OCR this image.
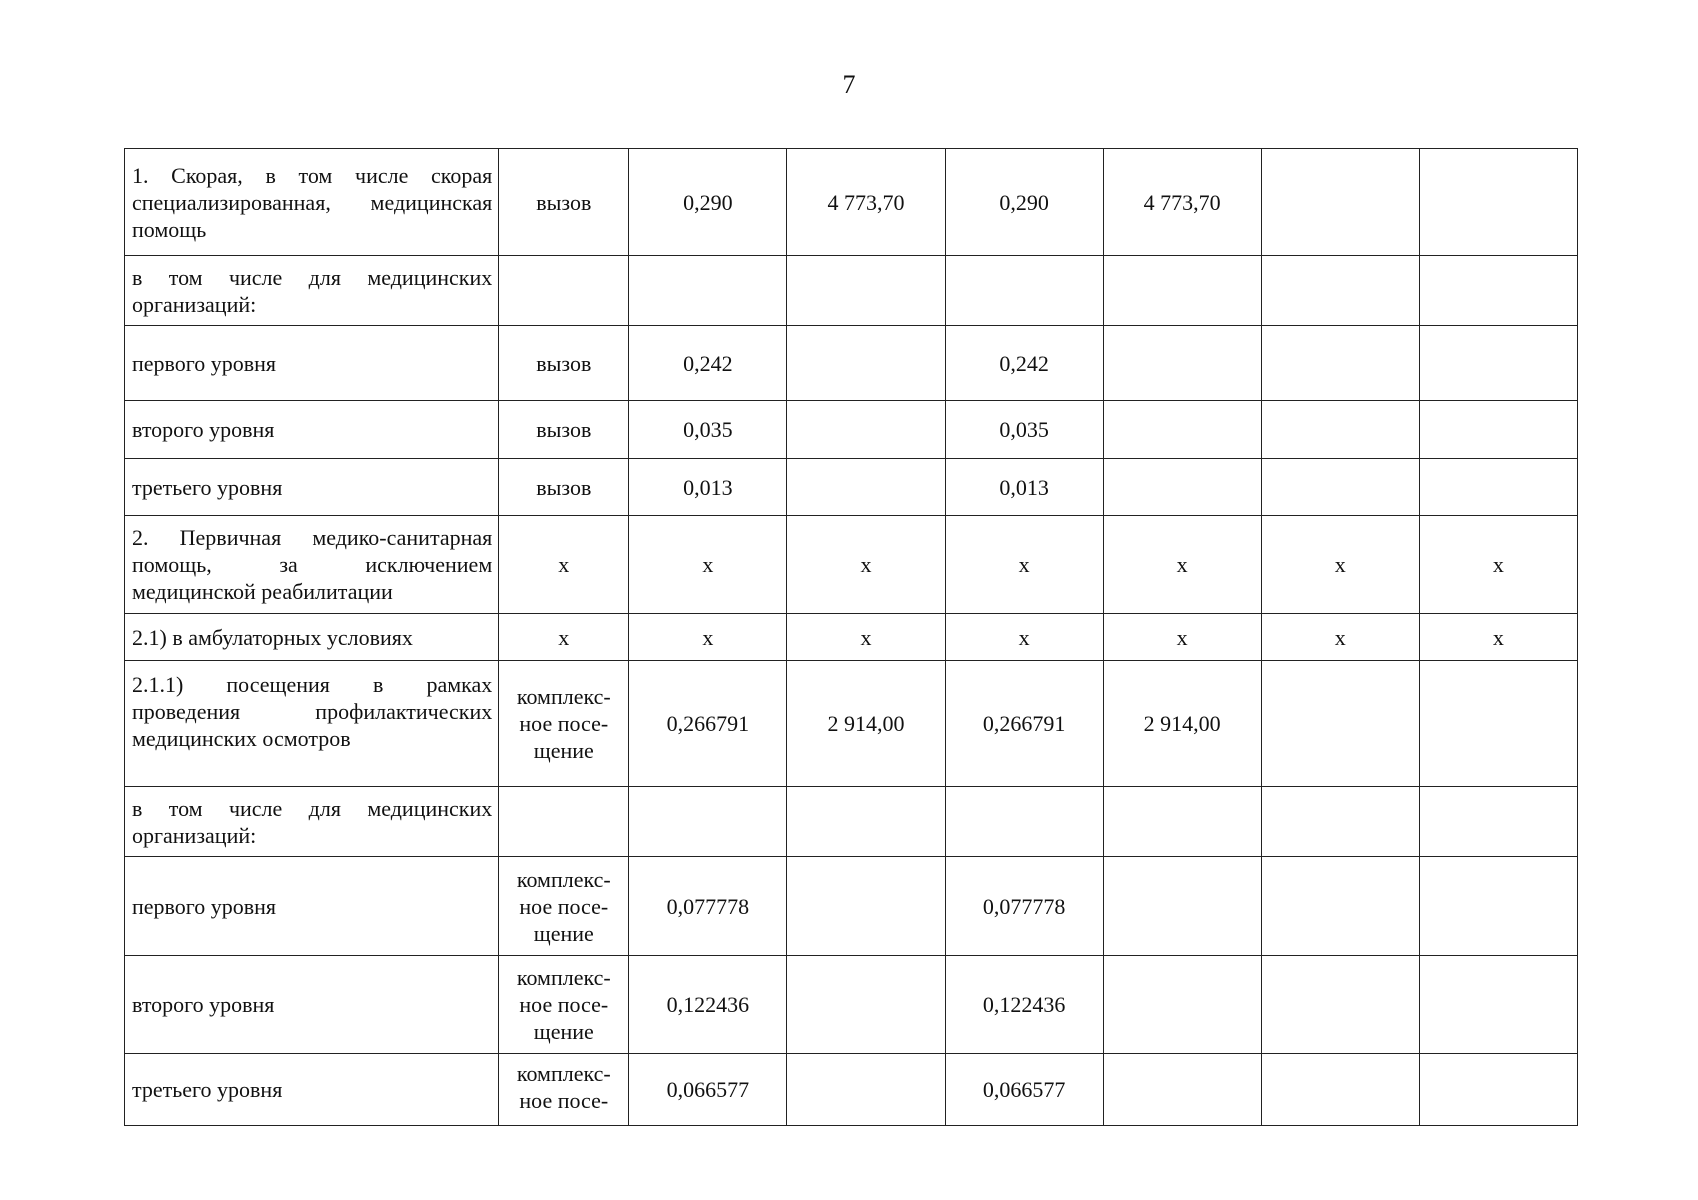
7
1. Скорая, в том числе скорая специализированная, медицинская помощь	вызов	0,290	4 773,70	0,290	4 773,70		
в том числе для медицинских организаций:							
первого уровня	вызов	0,242		0,242			
второго уровня	вызов	0,035		0,035			
третьего уровня	вызов	0,013		0,013			
2. Первичная медико-санитарная помощь, за исключением медицинской реабилитации	х	х	х	х	х	х	х
2.1) в амбулаторных условиях	х	х	х	х	х	х	х
2.1.1) посещения в рамках проведения профилактических медицинских осмотров	комплекс-ное посе-щение	0,266791	2 914,00	0,266791	2 914,00		
в том числе для медицинских организаций:							
первого уровня	комплекс-ное посе-щение	0,077778		0,077778			
второго уровня	комплекс-ное посе-щение	0,122436		0,122436			
третьего уровня	комплекс-ное посе-	0,066577		0,066577			
